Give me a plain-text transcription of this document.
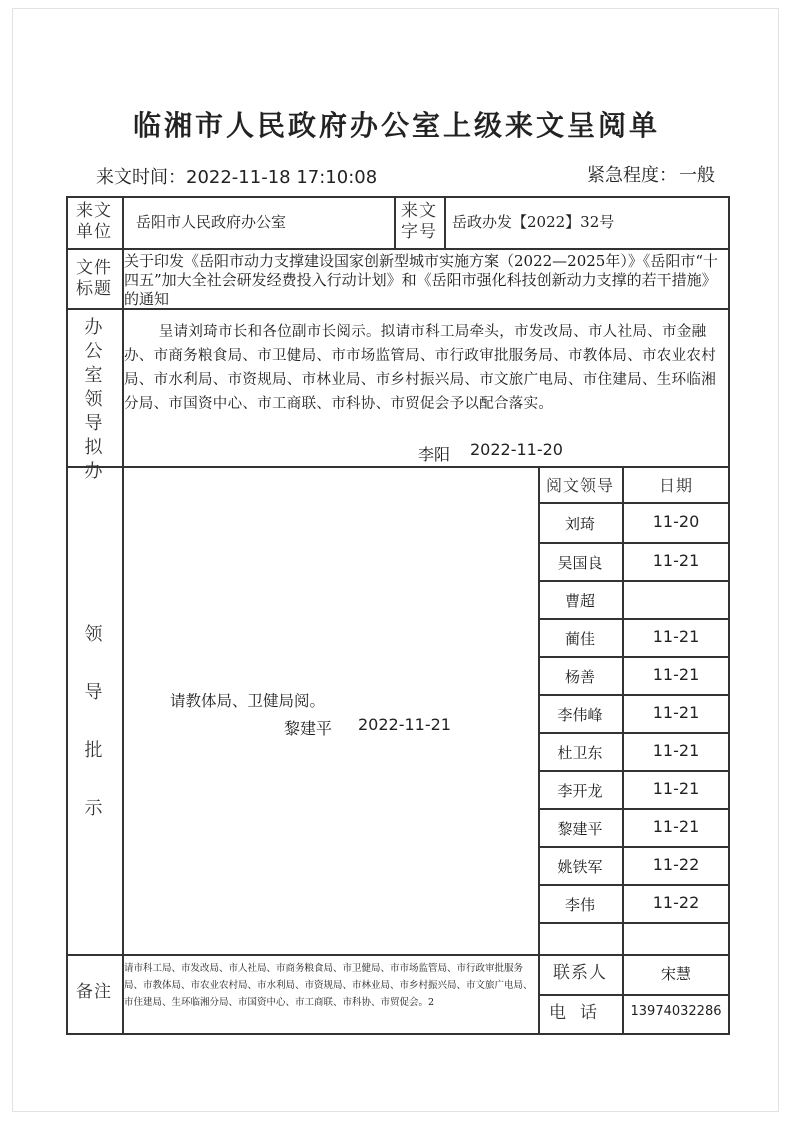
临湘市人民政府办公室上级来文呈阅单
来文时间：2022-11-18 17:10:08	紧急程度： 一般
来文单位 岳阳市人民政府办公室
来文字号 岳政办发【2022】32号
文件标题
关于印发《岳阳市动力支撑建设国家创新型城市实施方案（2022—2025年）》《岳阳市“十四五”加大全社会研发经费投入行动计划》和《岳阳市强化科技创新动力支撑的若干措施》的通知
办公室领导拟办
呈请刘琦市长和各位副市长阅示。拟请市科工局牵头，市发改局、市人社局、市金融办、市商务粮食局、市卫健局、市市场监管局、市行政审批服务局、市教体局、市农业农村局、市水利局、市资规局、市林业局、市乡村振兴局、市文旅广电局、市住建局、生环临湘分局、市国资中心、市工商联、市科协、市贸促会予以配合落实。
李阳 2022-11-20
领导批示
请教体局、卫健局阅。
黎建平 2022-11-21
阅文领导	日期
刘琦	11-20
吴国良	11-21
曹超
蔺佳	11-21
杨善	11-21
李伟峰	11-21
杜卫东	11-21
李开龙	11-21
黎建平	11-21
姚铁军	11-22
李伟	11-22
备注
请市科工局、市发改局、市人社局、市商务粮食局、市卫健局、市市场监管局、市行政审批服务局、市教体局、市农业农村局、市水利局、市资规局、市林业局、市乡村振兴局、市文旅广电局、市住建局、生环临湘分局、市国资中心、市工商联、市科协、市贸促会。2
联系人	宋慧
电话	13974032286
